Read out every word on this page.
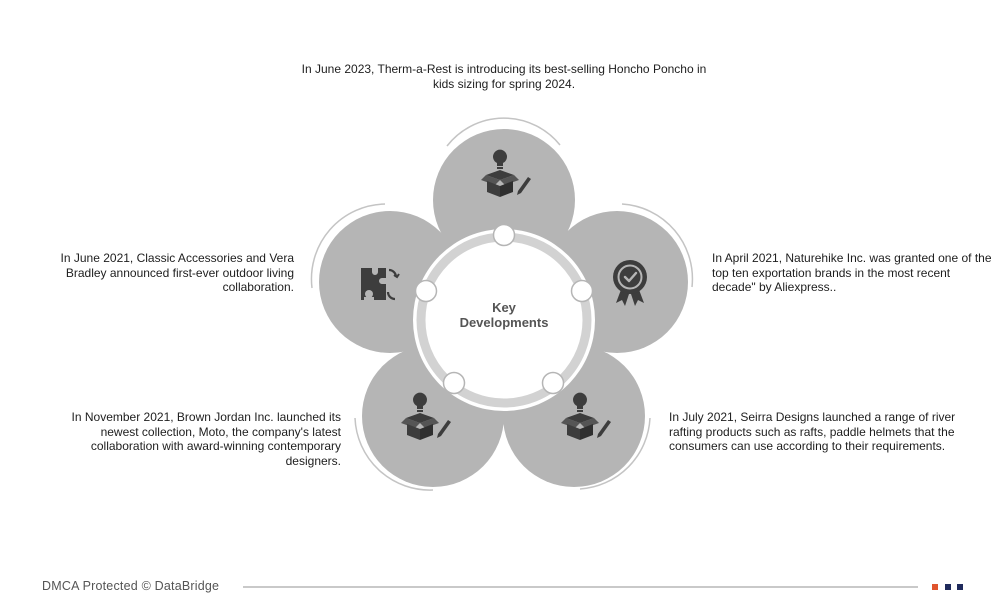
In June 2023, Therm-a-Rest is introducing its best-selling Honcho Poncho in kids sizing for spring 2024.

In June 2021, Classic Accessories and Vera Bradley announced first-ever outdoor living collaboration.

In April 2021, Naturehike Inc. was granted one of the top ten exportation brands in the most recent decade" by Aliexpress..

In November 2021, Brown Jordan Inc. launched its newest collection, Moto, the company's latest collaboration with award-winning contemporary designers.

In July 2021, Seirra Designs launched a range of river rafting products such as rafts, paddle helmets that the consumers can use according to their requirements.

Key
Developments
DMCA Protected © DataBridge
